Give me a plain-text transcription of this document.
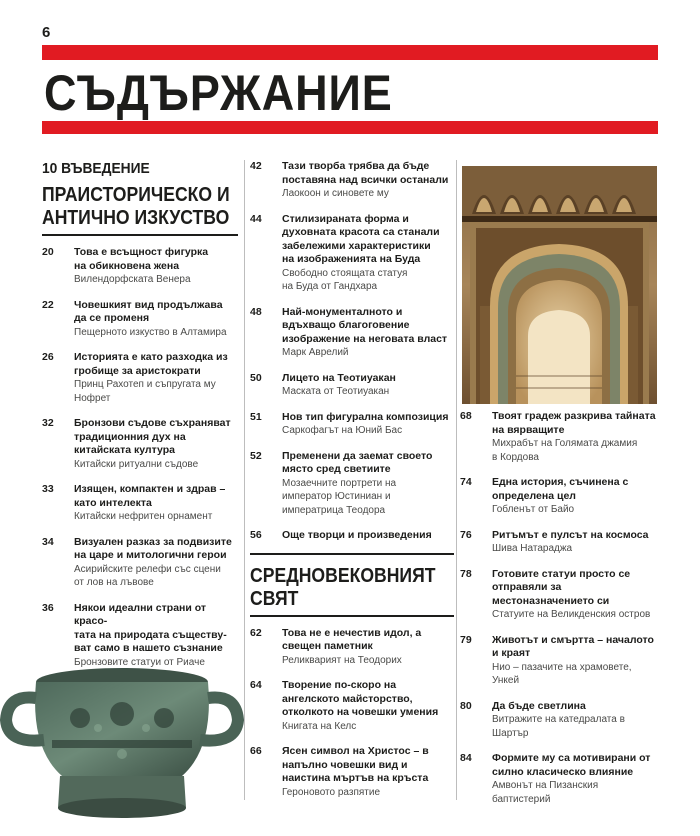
6
СЪДЪРЖАНИЕ
10 ВЪВЕДЕНИЕ
ПРАИСТОРИЧЕСКО И
АНТИЧНО ИЗКУСТВО
20	Това е всъщност фигурка
на обикновена жена
Вилендорфската Венера
22	Човешкият вид продължава
да се променя
Пещерното изкуство в Алтамира
26	Историята е като разходка из
гробище за аристократи
Принц Рахотеп и съпругата му
Нофрет
32	Бронзови съдове съхраняват
традиционния дух на
китайската култура
Китайски ритуални съдове
33	Изящен, компактен и здрав –
като интелекта
Китайски нефритен орнамент
34	Визуален разказ за подвизите
на царе и митологични герои
Асирийските релефи със сцени
от лов на лъвове
36	Някои идеални страни от красо-
тата на природата съществу-
ват само в нашето съзнание
Бронзовите статуи от Риаче
42	Тази творба трябва да бъде
поставяна над всички останали
Лаокоон и синовете му
44	Стилизираната форма и
духовната красота са станали
забележими характеристики
на изображенията на Буда
Свободно стоящата статуя
на Буда от Гандхара
48	Най-монументалното и
вдъхващо благоговение
изображение на неговата власт
Марк Аврелий
50	Лицето на Теотиуакан
Маската от Теотиуакан
51	Нов тип фигурална композиция
Саркофагът на Юний Бас
52	Пременени да заемат своето
място сред светиите
Мозаечните портрети на
император Юстиниан и
императрица Теодора
56	Още творци и произведения
СРЕДНОВЕКОВНИЯТ
СВЯТ
62	Това не е нечестив идол, а
свещен паметник
Реликварият на Теодорих
64	Творение по-скоро на
ангелското майсторство,
отколкото на човешки умения
Книгата на Келс
66	Ясен символ на Христос – в
напълно човешки вид и
наистина мъртъв на кръста
Героновото разпятие
68	Твоят градеж разкрива тайната
на вярващите
Михрабът на Голямата джамия
в Кордова
74	Една история, съчинена с
определена цел
Гобленът от Байо
76	Ритъмът е пулсът на космоса
Шива Натараджа
78	Готовите статуи просто се
отправяли за
местоназначението си
Статуите на Великденския остров
79	Животът и смъртта – началото
и краят
Нио – пазачите на храмовете, Ункей
80	Да бъде светлина
Витражите на катедралата в
Шартър
84	Формите му са мотивирани от
силно класическо влияние
Амвонът на Пизанския баптистерий
